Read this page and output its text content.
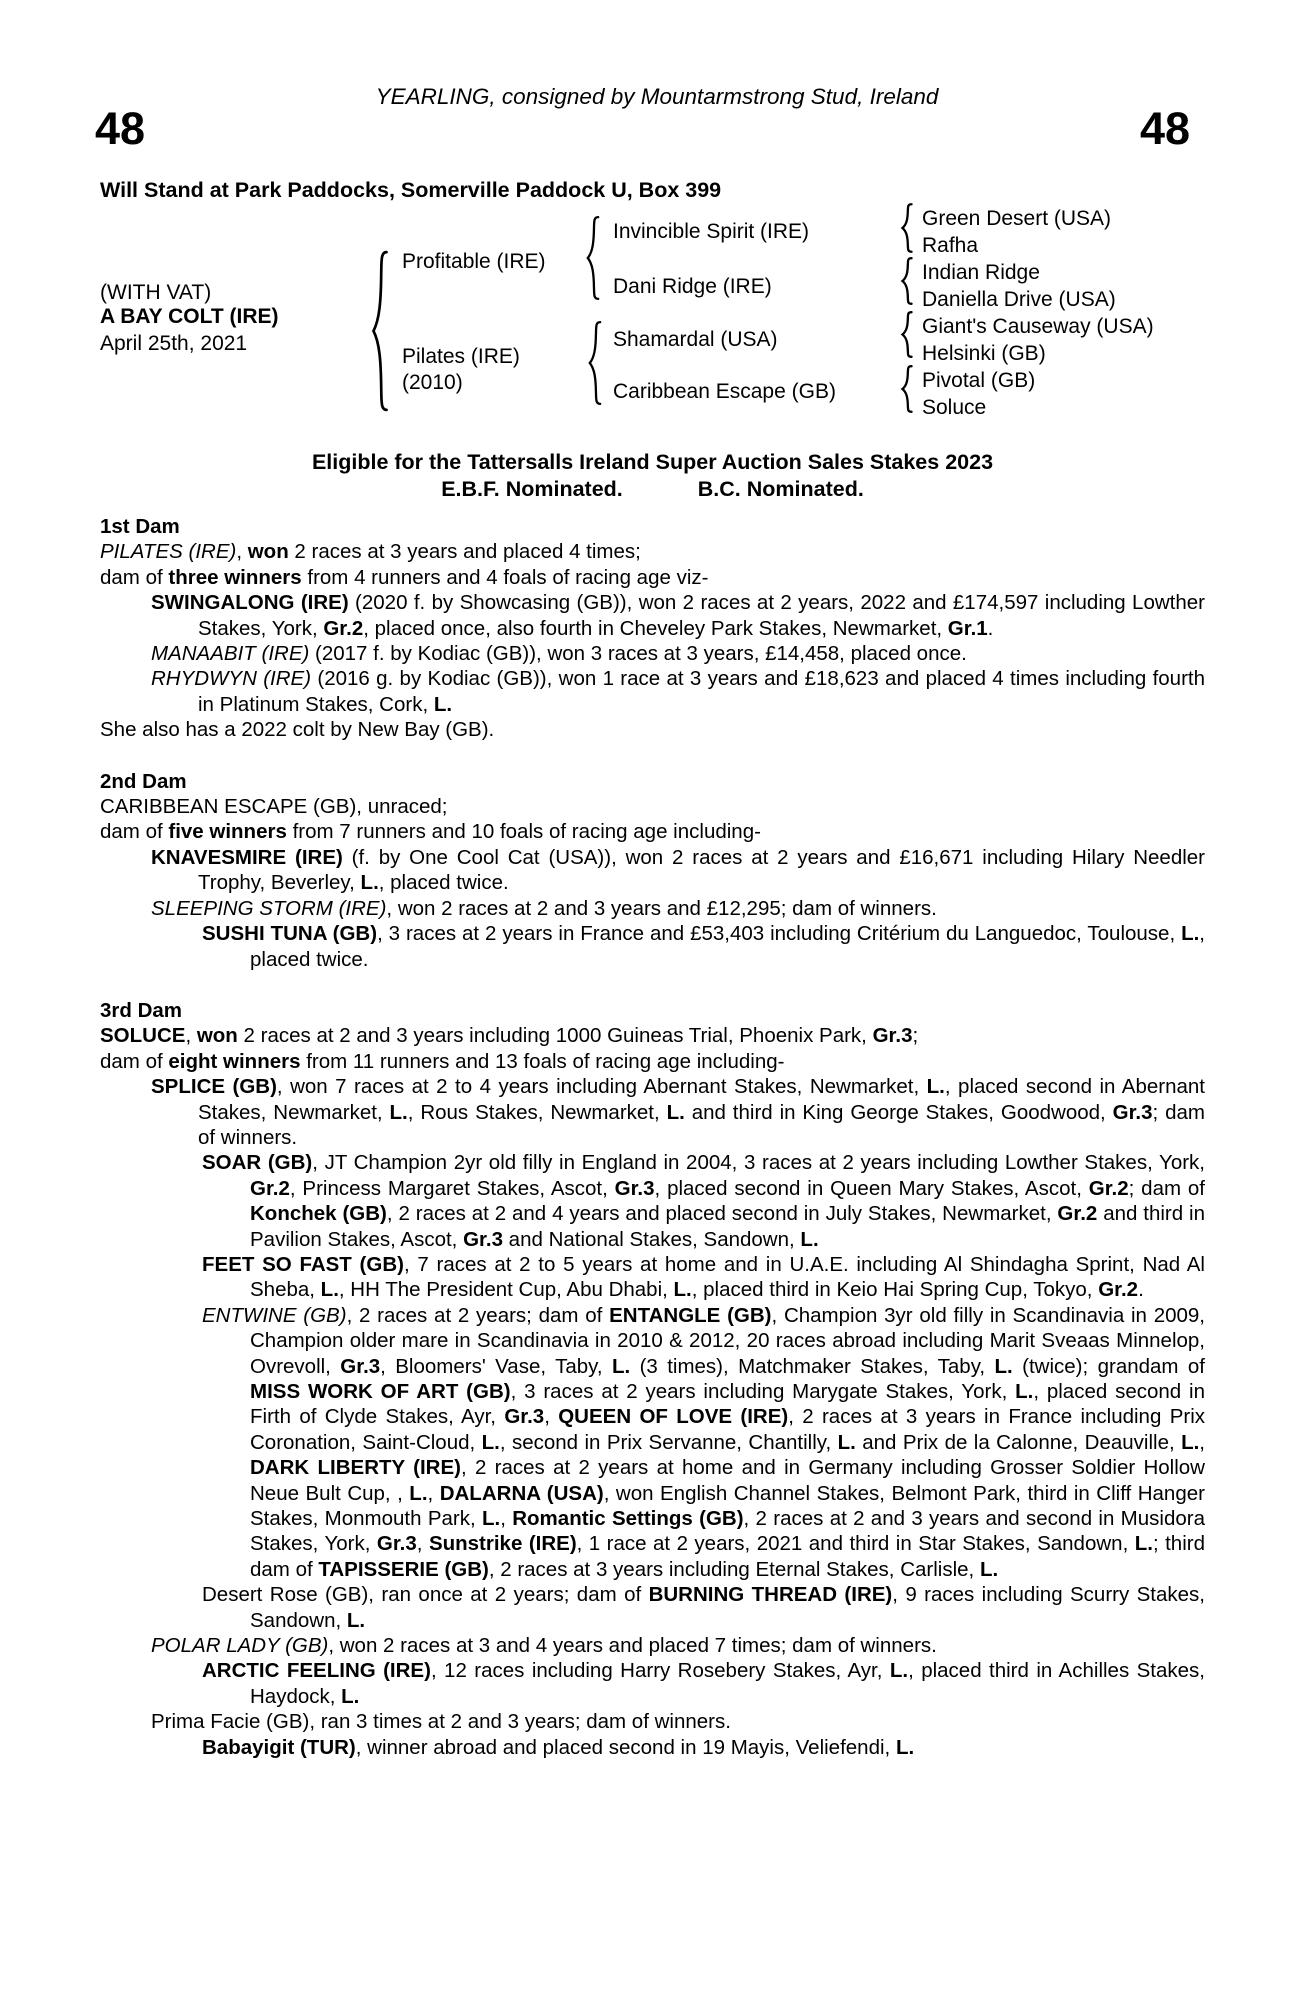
YEARLING, consigned by Mountarmstrong Stud, Ireland
48	48
Will Stand at Park Paddocks, Somerville Paddock U, Box 399
(WITH VAT)
A BAY COLT (IRE)
April 25th, 2021
Profitable (IRE)
Pilates (IRE)
(2010)
Invincible Spirit (IRE)
Dani Ridge (IRE)
Shamardal (USA)
Caribbean Escape (GB)
Green Desert (USA)
Rafha
Indian Ridge
Daniella Drive (USA)
Giant's Causeway (USA)
Helsinki (GB)
Pivotal (GB)
Soluce
Eligible for the Tattersalls Ireland Super Auction Sales Stakes 2023
E.B.F. Nominated.	B.C. Nominated.
1st Dam

PILATES (IRE), won 2 races at 3 years and placed 4 times;

dam of three winners from 4 runners and 4 foals of racing age viz-

SWINGALONG (IRE) (2020 f. by Showcasing (GB)), won 2 races at 2 years, 2022 and £174,597 including Lowther Stakes, York, Gr.2, placed once, also fourth in Cheveley Park Stakes, Newmarket, Gr.1.

MANAABIT (IRE) (2017 f. by Kodiac (GB)), won 3 races at 3 years, £14,458, placed once.

RHYDWYN (IRE) (2016 g. by Kodiac (GB)), won 1 race at 3 years and £18,623 and placed 4 times including fourth in Platinum Stakes, Cork, L.

She also has a 2022 colt by New Bay (GB).

2nd Dam

CARIBBEAN ESCAPE (GB), unraced;

dam of five winners from 7 runners and 10 foals of racing age including-

KNAVESMIRE (IRE) (f. by One Cool Cat (USA)), won 2 races at 2 years and £16,671 including Hilary Needler Trophy, Beverley, L., placed twice.

SLEEPING STORM (IRE), won 2 races at 2 and 3 years and £12,295; dam of winners.

SUSHI TUNA (GB), 3 races at 2 years in France and £53,403 including Critérium du Languedoc, Toulouse, L., placed twice.

3rd Dam

SOLUCE, won 2 races at 2 and 3 years including 1000 Guineas Trial, Phoenix Park, Gr.3;

dam of eight winners from 11 runners and 13 foals of racing age including-

SPLICE (GB), won 7 races at 2 to 4 years including Abernant Stakes, Newmarket, L., placed second in Abernant Stakes, Newmarket, L., Rous Stakes, Newmarket, L. and third in King George Stakes, Goodwood, Gr.3; dam of winners.

SOAR (GB), JT Champion 2yr old filly in England in 2004, 3 races at 2 years including Lowther Stakes, York, Gr.2, Princess Margaret Stakes, Ascot, Gr.3, placed second in Queen Mary Stakes, Ascot, Gr.2; dam of Konchek (GB), 2 races at 2 and 4 years and placed second in July Stakes, Newmarket, Gr.2 and third in Pavilion Stakes, Ascot, Gr.3 and National Stakes, Sandown, L.

FEET SO FAST (GB), 7 races at 2 to 5 years at home and in U.A.E. including Al Shindagha Sprint, Nad Al Sheba, L., HH The President Cup, Abu Dhabi, L., placed third in Keio Hai Spring Cup, Tokyo, Gr.2.

ENTWINE (GB), 2 races at 2 years; dam of ENTANGLE (GB), Champion 3yr old filly in Scandinavia in 2009, Champion older mare in Scandinavia in 2010 & 2012, 20 races abroad including Marit Sveaas Minnelop, Ovrevoll, Gr.3, Bloomers' Vase, Taby, L. (3 times), Matchmaker Stakes, Taby, L. (twice); grandam of MISS WORK OF ART (GB), 3 races at 2 years including Marygate Stakes, York, L., placed second in Firth of Clyde Stakes, Ayr, Gr.3, QUEEN OF LOVE (IRE), 2 races at 3 years in France including Prix Coronation, Saint-Cloud, L., second in Prix Servanne, Chantilly, L. and Prix de la Calonne, Deauville, L., DARK LIBERTY (IRE), 2 races at 2 years at home and in Germany including Grosser Soldier Hollow Neue Bult Cup, , L., DALARNA (USA), won English Channel Stakes, Belmont Park, third in Cliff Hanger Stakes, Monmouth Park, L., Romantic Settings (GB), 2 races at 2 and 3 years and second in Musidora Stakes, York, Gr.3, Sunstrike (IRE), 1 race at 2 years, 2021 and third in Star Stakes, Sandown, L.; third dam of TAPISSERIE (GB), 2 races at 3 years including Eternal Stakes, Carlisle, L.

Desert Rose (GB), ran once at 2 years; dam of BURNING THREAD (IRE), 9 races including Scurry Stakes, Sandown, L.

POLAR LADY (GB), won 2 races at 3 and 4 years and placed 7 times; dam of winners.

ARCTIC FEELING (IRE), 12 races including Harry Rosebery Stakes, Ayr, L., placed third in Achilles Stakes, Haydock, L.

Prima Facie (GB), ran 3 times at 2 and 3 years; dam of winners.

Babayigit (TUR), winner abroad and placed second in 19 Mayis, Veliefendi, L.
